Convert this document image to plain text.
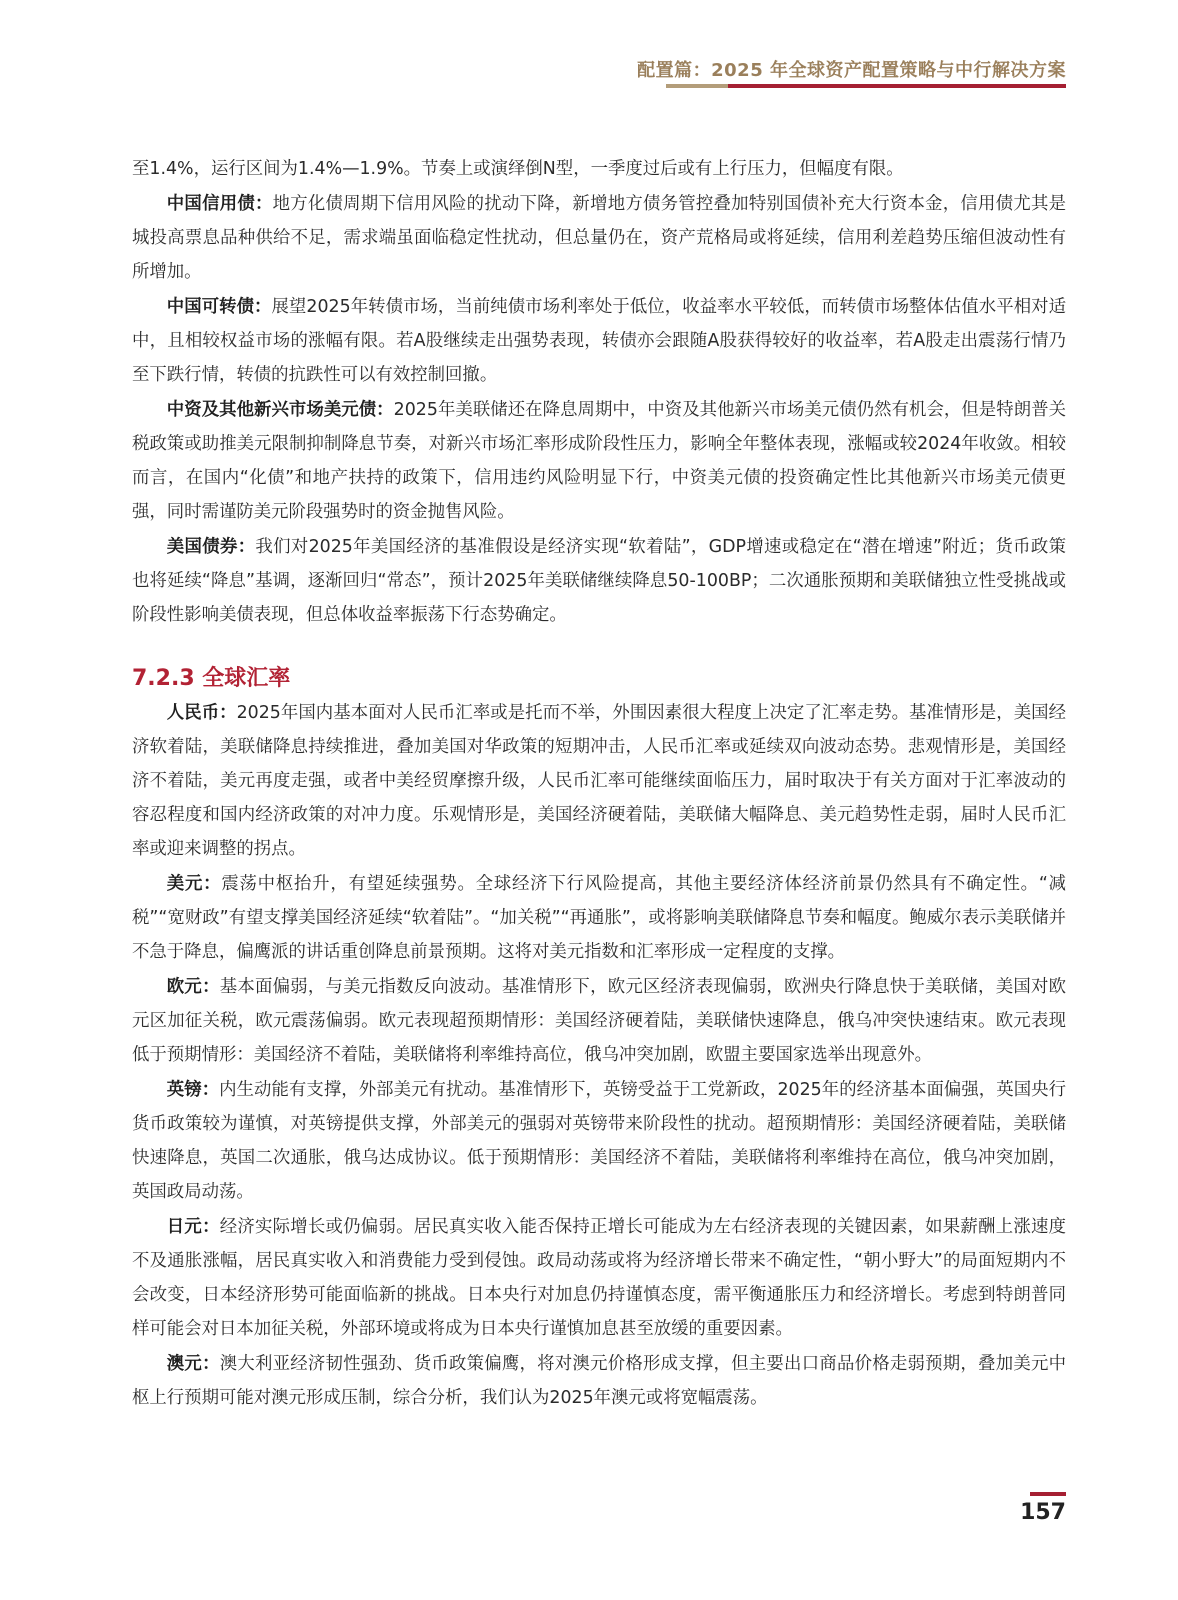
配置篇：2025 年全球资产配置策略与中行解决方案

至1.4%，运行区间为1.4%—1.9%。节奏上或演绎倒N型，一季度过后或有上行压力，但幅度有限。

中国信用债：地方化债周期下信用风险的扰动下降，新增地方债务管控叠加特别国债补充大行资本金，信用债尤其是城投高票息品种供给不足，需求端虽面临稳定性扰动，但总量仍在，资产荒格局或将延续，信用利差趋势压缩但波动性有所增加。

中国可转债：展望2025年转债市场，当前纯债市场利率处于低位，收益率水平较低，而转债市场整体估值水平相对适中，且相较权益市场的涨幅有限。若A股继续走出强势表现，转债亦会跟随A股获得较好的收益率，若A股走出震荡行情乃至下跌行情，转债的抗跌性可以有效控制回撤。

中资及其他新兴市场美元债：2025年美联储还在降息周期中，中资及其他新兴市场美元债仍然有机会，但是特朗普关税政策或助推美元限制抑制降息节奏，对新兴市场汇率形成阶段性压力，影响全年整体表现，涨幅或较2024年收敛。相较而言，在国内“化债”和地产扶持的政策下，信用违约风险明显下行，中资美元债的投资确定性比其他新兴市场美元债更强，同时需谨防美元阶段强势时的资金抛售风险。

美国债券：我们对2025年美国经济的基准假设是经济实现“软着陆”，GDP增速或稳定在“潜在增速”附近；货币政策也将延续“降息”基调，逐渐回归“常态”，预计2025年美联储继续降息50-100BP；二次通胀预期和美联储独立性受挑战或阶段性影响美债表现，但总体收益率振荡下行态势确定。

7.2.3 全球汇率

人民币：2025年国内基本面对人民币汇率或是托而不举，外围因素很大程度上决定了汇率走势。基准情形是，美国经济软着陆，美联储降息持续推进，叠加美国对华政策的短期冲击，人民币汇率或延续双向波动态势。悲观情形是，美国经济不着陆，美元再度走强，或者中美经贸摩擦升级，人民币汇率可能继续面临压力，届时取决于有关方面对于汇率波动的容忍程度和国内经济政策的对冲力度。乐观情形是，美国经济硬着陆，美联储大幅降息、美元趋势性走弱，届时人民币汇率或迎来调整的拐点。

美元：震荡中枢抬升，有望延续强势。全球经济下行风险提高，其他主要经济体经济前景仍然具有不确定性。“减税”“宽财政”有望支撑美国经济延续“软着陆”。“加关税”“再通胀”，或将影响美联储降息节奏和幅度。鲍威尔表示美联储并不急于降息，偏鹰派的讲话重创降息前景预期。这将对美元指数和汇率形成一定程度的支撑。

欧元：基本面偏弱，与美元指数反向波动。基准情形下，欧元区经济表现偏弱，欧洲央行降息快于美联储，美国对欧元区加征关税，欧元震荡偏弱。欧元表现超预期情形：美国经济硬着陆，美联储快速降息，俄乌冲突快速结束。欧元表现低于预期情形：美国经济不着陆，美联储将利率维持高位，俄乌冲突加剧，欧盟主要国家选举出现意外。

英镑：内生动能有支撑，外部美元有扰动。基准情形下，英镑受益于工党新政，2025年的经济基本面偏强，英国央行货币政策较为谨慎，对英镑提供支撑，外部美元的强弱对英镑带来阶段性的扰动。超预期情形：美国经济硬着陆，美联储快速降息，英国二次通胀，俄乌达成协议。低于预期情形：美国经济不着陆，美联储将利率维持在高位，俄乌冲突加剧，英国政局动荡。

日元：经济实际增长或仍偏弱。居民真实收入能否保持正增长可能成为左右经济表现的关键因素，如果薪酬上涨速度不及通胀涨幅，居民真实收入和消费能力受到侵蚀。政局动荡或将为经济增长带来不确定性，“朝小野大”的局面短期内不会改变，日本经济形势可能面临新的挑战。日本央行对加息仍持谨慎态度，需平衡通胀压力和经济增长。考虑到特朗普同样可能会对日本加征关税，外部环境或将成为日本央行谨慎加息甚至放缓的重要因素。

澳元：澳大利亚经济韧性强劲、货币政策偏鹰，将对澳元价格形成支撑，但主要出口商品价格走弱预期，叠加美元中枢上行预期可能对澳元形成压制，综合分析，我们认为2025年澳元或将宽幅震荡。

157
